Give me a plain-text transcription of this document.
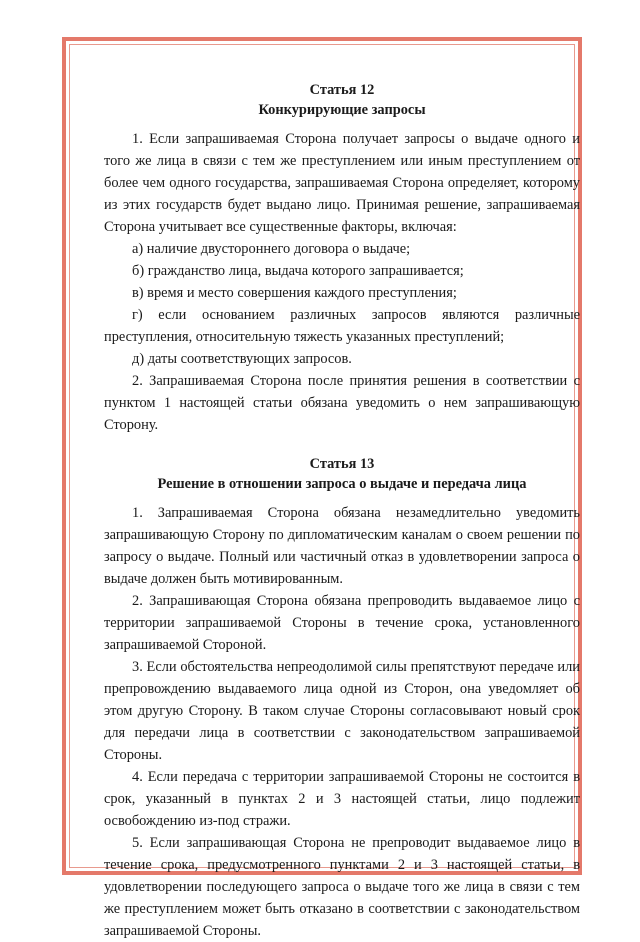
Статья 12
Конкурирующие запросы

1. Если запрашиваемая Сторона получает запросы о выдаче одного и того же лица в связи с тем же преступлением или иным преступлением от более чем одного государства, запрашиваемая Сторона определяет, которому из этих государств будет выдано лицо. Принимая решение, запрашиваемая Сторона учитывает все существенные факторы, включая:

а) наличие двустороннего договора о выдаче;

б) гражданство лица, выдача которого запрашивается;

в) время и место совершения каждого преступления;

г) если основанием различных запросов являются различные преступления, относительную тяжесть указанных преступлений;

д) даты соответствующих запросов.

2. Запрашиваемая Сторона после принятия решения в соответствии с пунктом 1 настоящей статьи обязана уведомить о нем запрашивающую Сторону.

Статья 13
Решение в отношении запроса о выдаче и передача лица

1. Запрашиваемая Сторона обязана незамедлительно уведомить запрашивающую Сторону по дипломатическим каналам о своем решении по запросу о выдаче. Полный или частичный отказ в удовлетворении запроса о выдаче должен быть мотивированным.

2. Запрашивающая Сторона обязана препроводить выдаваемое лицо с территории запрашиваемой Стороны в течение срока, установленного запрашиваемой Стороной.

3. Если обстоятельства непреодолимой силы препятствуют передаче или препровождению выдаваемого лица одной из Сторон, она уведомляет об этом другую Сторону. В таком случае Стороны согласовывают новый срок для передачи лица в соответствии с законодательством запрашиваемой Стороны.

4. Если передача с территории запрашиваемой Стороны не состоится в срок, указанный в пунктах 2 и 3 настоящей статьи, лицо подлежит освобождению из-под стражи.

5. Если запрашивающая Сторона не препроводит выдаваемое лицо в течение срока, предусмотренного пунктами 2 и 3 настоящей статьи, в удовлетворении последующего запроса о выдаче того же лица в связи с тем же преступлением может быть отказано в соответствии с законодательством запрашиваемой Стороны.
